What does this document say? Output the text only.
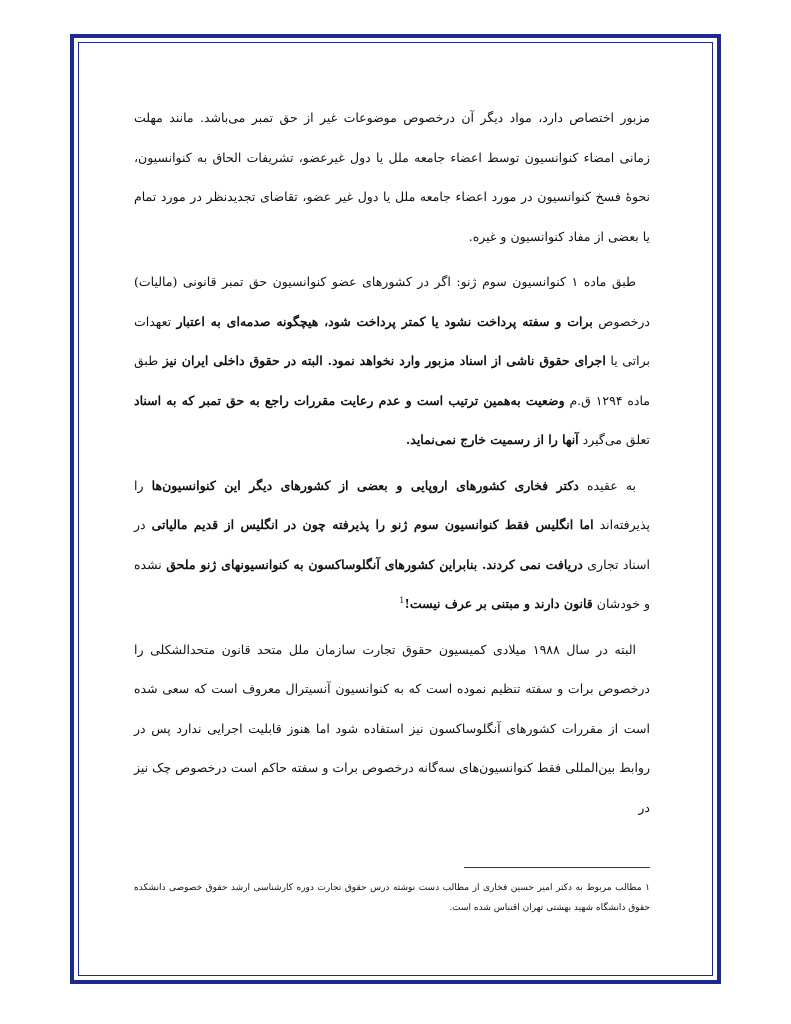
مزبور اختصاص دارد، مواد دیگر آن درخصوص موضوعات غیر از حق تمبر می‌باشد. مانند مهلت زمانی امضاء کنوانسیون توسط اعضاء جامعه ملل یا دول غیرعضو، تشریفات الحاق به کنوانسیون، نحوهٔ فسخ کنوانسیون در مورد اعضاء جامعه ملل یا دول غیر عضو، تقاضای تجدیدنظر در مورد تمام یا بعضی از مفاد کنوانسیون و غیره.

طبق ماده ۱ کنوانسیون سوم ژنو: اگر در کشورهای عضو کنوانسیون حق تمبر قانونی (مالیات) درخصوص برات و سفته پرداخت نشود یا کمتر پرداخت شود، هیچگونه صدمه‌ای به اعتبار تعهدات براتی یا اجرای حقوق ناشی از اسناد مزبور وارد نخواهد نمود. البته در حقوق داخلی ایران نیز طبق ماده ۱۲۹۴ ق.م وضعیت به‌همین ترتیب است و عدم رعایت مقررات راجع به حق تمبر که به اسناد تعلق می‌گیرد آنها را از رسمیت خارج نمی‌نماید.

به عقیده دکتر فخاری کشورهای اروپایی و بعضی از کشورهای دیگر این کنوانسیون‌ها را پذیرفته‌اند اما انگلیس فقط کنوانسیون سوم ژنو را پذیرفته چون در انگلیس از قدیم مالیاتی در اسناد تجاری دریافت نمی کردند. بنابراین کشورهای آنگلوساکسون به کنوانسیونهای ژنو ملحق نشده و خودشان قانون دارند و مبتنی بر عرف نیست!$^1$

البته در سال ۱۹۸۸ میلادی کمیسیون حقوق تجارت سازمان ملل متحد قانون متحدالشکلی را درخصوص برات و سفته تنظیم نموده است که به کنوانسیون آنسیترال معروف است که سعی شده است از مقررات کشورهای آنگلوساکسون نیز استفاده شود اما هنوز قابلیت اجرایی ندارد پس در روابط بین‌المللی فقط کنوانسیون‌های سه‌گانه درخصوص برات و سفته حاکم است درخصوص چک نیز در

۱ مطالب مربوط به دکتر امیر حسین فخاری از مطالب دست نوشته درس حقوق تجارت دوره کارشناسی ارشد حقوق خصوصی دانشکده حقوق دانشگاه شهید بهشتی تهران اقتباس شده است.
